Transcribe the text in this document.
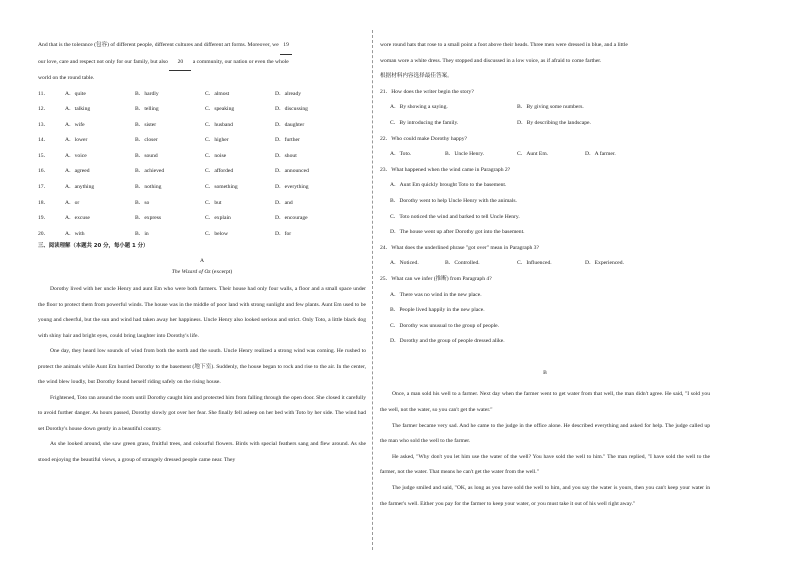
And that is the tolerance (包容) of different people, different cultures and different art forms. Moreover, we 19
our love, care and respect not only for our family, but also 20 a community, our nation or even the whole
world on the round table.
11．	A．quite	B．hardly	C．almost	D．already
12．	A．talking	B．telling	C．speaking	D．discussing
13．	A．wife	B．sister	C．husband	D．daughter
14．	A．lower	B．closer	C．higher	D．further
15．	A．voice	B．sound	C．noise	D．shout
16．	A．agreed	B．achieved	C．afforded	D．announced
17．	A．anything	B．nothing	C．something	D．everything
18．	A．or	B．so	C．but	D．and
19．	A．excuse	B．express	C．explain	D．encourage
20．	A．with	B．in	C．below	D．for
三、阅读理解（本题共 20 分，每小题 1 分）
A
The Wizard of Oz (excerpt)
Dorothy lived with her uncle Henry and aunt Em who were both farmers. Their house had only four walls, a floor and a small space under the floor to protect them from powerful winds. The house was in the middle of poor land with strong sunlight and few plants. Aunt Em used to be young and cheerful, but the sun and wind had taken away her happiness. Uncle Henry also looked serious and strict. Only Toto, a little black dog with shiny hair and bright eyes, could bring laughter into Dorothy's life.
One day, they heard low sounds of wind from both the north and the south. Uncle Henry realized a strong wind was coming. He rushed to protect the animals while Aunt Em hurried Dorothy to the basement (地下室). Suddenly, the house began to rock and rise to the air. In the center, the wind blew loudly, but Dorothy found herself riding safely on the rising house.
Frightened, Toto ran around the room until Dorothy caught him and protected him from falling through the open door. She closed it carefully to avoid further danger. As hours passed, Dorothy slowly got over her fear. She finally fell asleep on her bed with Toto by her side. The wind had set Dorothy's house down gently in a beautiful country.
As she looked around, she saw green grass, fruitful trees, and colourful flowers. Birds with special feathers sang and flew around. As she stood enjoying the beautiful views, a group of strangely dressed people came near. They
wore round hats that rose to a small point a foot above their heads. Three men were dressed in blue, and a little
woman wore a white dress. They stopped and discussed in a low voice, as if afraid to come farther.
根据材料内容选择最佳答案。
21．How does the writer begin the story?
A．By showing a saying.	B．By giving some numbers.
C．By introducing the family.	D．By describing the landscape.
22．Who could make Dorothy happy?
A．Toto.	B．Uncle Henry.	C．Aunt Em.	D．A farmer.
23．What happened when the wind came in Paragraph 2?
A．Aunt Em quickly brought Toto to the basement.
B．Dorothy went to help Uncle Henry with the animals.
C．Toto noticed the wind and barked to tell Uncle Henry.
D．The house went up after Dorothy got into the basement.
24．What does the underlined phrase "got over" mean in Paragraph 3?
A．Noticed.	B．Controlled.	C．Influenced.	D．Experienced.
25．What can we infer (推断) from Paragraph 4?
A．There was no wind in the new place.
B．People lived happily in the new place.
C．Dorothy was unusual to the group of people.
D．Dorothy and the group of people dressed alike.
B
Once, a man sold his well to a farmer. Next day when the farmer went to get water from that well, the man didn't agree. He said, "I sold you the well, not the water, so you can't get the water."
The farmer became very sad. And he came to the judge in the office alone. He described everything and asked for help. The judge called up the man who sold the well to the farmer.
He asked, "Why don't you let him use the water of the well? You have sold the well to him." The man replied, "I have sold the well to the farmer, not the water. That means he can't get the water from the well."
The judge smiled and said, "OK, as long as you have sold the well to him, and you say the water is yours, then you can't keep your water in the farmer's well. Either you pay for the farmer to keep your water, or you must take it out of his well right away."
